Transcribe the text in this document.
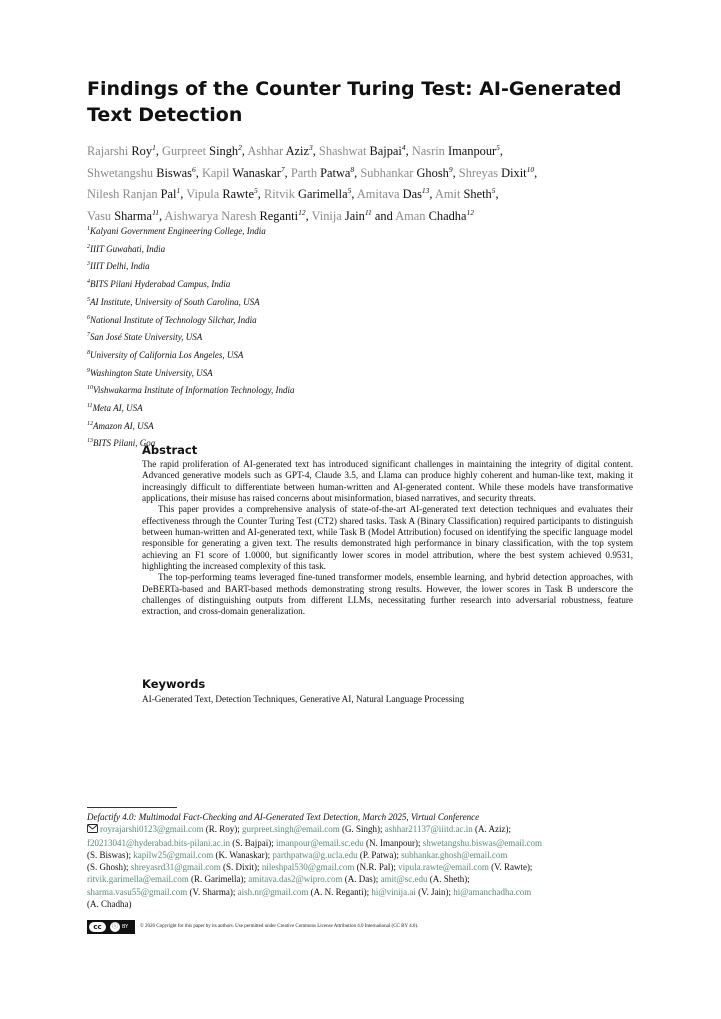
Findings of the Counter Turing Test: AI-Generated Text Detection
Rajarshi Roy$^1$, Gurpreet Singh$^2$, Ashhar Aziz$^3$, Shashwat Bajpai$^4$, Nasrin Imanpour$^5$,
Shwetangshu Biswas$^6$, Kapil Wanaskar$^7$, Parth Patwa$^8$, Subhankar Ghosh$^9$, Shreyas Dixit$^{10}$,
Nilesh Ranjan Pal$^1$, Vipula Rawte$^5$, Ritvik Garimella$^5$, Amitava Das$^{13}$, Amit Sheth$^5$,
Vasu Sharma$^{11}$, Aishwarya Naresh Reganti$^{12}$, Vinija Jain$^{11}$ and Aman Chadha$^{12}$
$^1$Kalyani Government Engineering College, India
$^2$IIIT Guwahati, India
$^3$IIIT Delhi, India
$^4$BITS Pilani Hyderabad Campus, India
$^5$AI Institute, University of South Carolina, USA
$^6$National Institute of Technology Silchar, India
$^7$San José State University, USA
$^8$University of California Los Angeles, USA
$^9$Washington State University, USA
$^{10}$Vishwakarma Institute of Information Technology, India
$^{11}$Meta AI, USA
$^{12}$Amazon AI, USA
$^{13}$BITS Pilani, Goa
Abstract

The rapid proliferation of AI-generated text has introduced significant challenges in maintaining the integrity of digital content. Advanced generative models such as GPT-4, Claude 3.5, and Llama can produce highly coherent and human-like text, making it increasingly difficult to differentiate between human-written and AI-generated content. While these models have transformative applications, their misuse has raised concerns about misinformation, biased narratives, and security threats.

This paper provides a comprehensive analysis of state-of-the-art AI-generated text detection techniques and evaluates their effectiveness through the Counter Turing Test (CT2) shared tasks. Task A (Binary Classification) required participants to distinguish between human-written and AI-generated text, while Task B (Model Attribution) focused on identifying the specific language model responsible for generating a given text. The results demonstrated high performance in binary classification, with the top system achieving an F1 score of 1.0000, but significantly lower scores in model attribution, where the best system achieved 0.9531, highlighting the increased complexity of this task.

The top-performing teams leveraged fine-tuned transformer models, ensemble learning, and hybrid detection approaches, with DeBERTa-based and BART-based methods demonstrating strong results. However, the lower scores in Task B underscore the challenges of distinguishing outputs from different LLMs, necessitating further research into adversarial robustness, feature extraction, and cross-domain generalization.

Keywords

AI-Generated Text, Detection Techniques, Generative AI, Natural Language Processing

Defactify 4.0: Multimodal Fact-Checking and AI-Generated Text Detection, March 2025, Virtual Conference
royrajarshi0123@gmail.com (R. Roy); gurpreet.singh@email.com (G. Singh); ashhar21137@iiitd.ac.in (A. Aziz);
f20213041@hyderabad.bits-pilani.ac.in (S. Bajpai); imanpour@email.sc.edu (N. Imanpour); shwetangshu.biswas@email.com
(S. Biswas); kapilw25@gmail.com (K. Wanaskar); parthpatwa@g.ucla.edu (P. Patwa); subhankar.ghosh@email.com
(S. Ghosh); shreyasrd31@gmail.com (S. Dixit); nileshpal530@gmail.com (N.R. Pal); vipula.rawte@email.com (V. Rawte);
ritvik.garimella@email.com (R. Garimella); amitava.das2@wipro.com (A. Das); amit@sc.edu (A. Sheth);
sharma.vasu55@gmail.com (V. Sharma); aish.nr@gmail.com (A. N. Reganti); hi@vinija.ai (V. Jain); hi@amanchadha.com
(A. Chadha)
cc	ⓘ BY © 2026 Copyright for this paper by its authors. Use permitted under Creative Commons License Attribution 4.0 International (CC BY 4.0).
